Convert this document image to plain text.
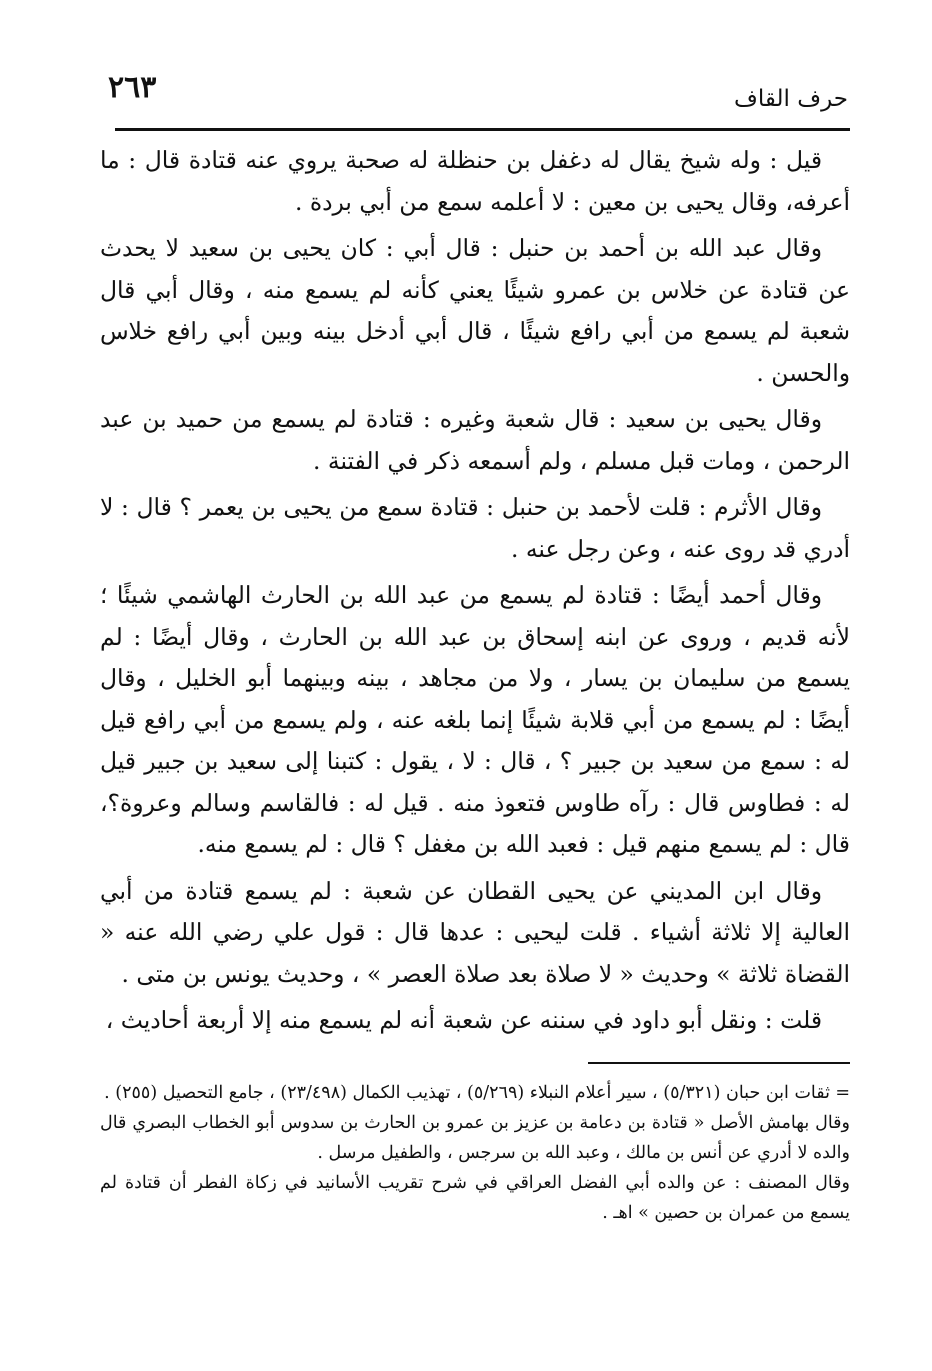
٢٦٣	حرف القاف

قيل : وله شيخ يقال له دغفل بن حنظلة له صحبة يروي عنه قتادة قال : ما أعرفه، وقال يحيى بن معين : لا أعلمه سمع من أبي بردة .

وقال عبد الله بن أحمد بن حنبل : قال أبي : كان يحيى بن سعيد لا يحدث عن قتادة عن خلاس بن عمرو شيئًا يعني كأنه لم يسمع منه ، وقال أبي قال شعبة لم يسمع من أبي رافع شيئًا ، قال أبي أدخل بينه وبين أبي رافع خلاس والحسن .

وقال يحيى بن سعيد : قال شعبة وغيره : قتادة لم يسمع من حميد بن عبد الرحمن ، ومات قبل مسلم ، ولم أسمعه ذكر في الفتنة .

وقال الأثرم : قلت لأحمد بن حنبل : قتادة سمع من يحيى بن يعمر ؟ قال : لا أدري قد روى عنه ، وعن رجل عنه .

وقال أحمد أيضًا : قتادة لم يسمع من عبد الله بن الحارث الهاشمي شيئًا ؛ لأنه قديم ، وروى عن ابنه إسحاق بن عبد الله بن الحارث ، وقال أيضًا : لم يسمع من سليمان بن يسار ، ولا من مجاهد ، بينه وبينهما أبو الخليل ، وقال أيضًا : لم يسمع من أبي قلابة شيئًا إنما بلغه عنه ، ولم يسمع من أبي رافع قيل له : سمع من سعيد بن جبير ؟ ، قال : لا ، يقول : كتبنا إلى سعيد بن جبير قيل له : فطاوس قال : رآه طاوس فتعوذ منه . قيل له : فالقاسم وسالم وعروة؟، قال : لم يسمع منهم قيل : فعبد الله بن مغفل ؟ قال : لم يسمع منه.

وقال ابن المديني عن يحيى القطان عن شعبة : لم يسمع قتادة من أبي العالية إلا ثلاثة أشياء . قلت ليحيى : عدها قال : قول علي رضي الله عنه « القضاة ثلاثة » وحديث « لا صلاة بعد صلاة العصر » ، وحديث يونس بن متى .

قلت : ونقل أبو داود في سننه عن شعبة أنه لم يسمع منه إلا أربعة أحاديث ،

=
ثقات ابن حبان (٥/٣٢١) ، سير أعلام النبلاء (٥/٢٦٩) ، تهذيب الكمال (٢٣/٤٩٨) ، جامع التحصيل (٢٥٥) .

وقال بهامش الأصل « قتادة بن دعامة بن عزيز بن عمرو بن الحارث بن سدوس أبو الخطاب البصري قال والده لا أدري عن أنس بن مالك ، وعبد الله بن سرجس ، والطفيل مرسل .

وقال المصنف : عن والده أبي الفضل العراقي في شرح تقريب الأسانيد في زكاة الفطر أن قتادة لم يسمع من عمران بن حصين » اهـ .
